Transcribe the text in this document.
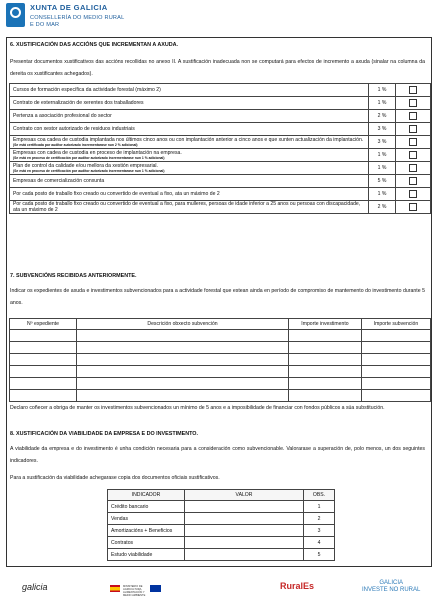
XUNTA DE GALICIA
CONSELLERÍA DO MEDIO RURAL
E DO MAR
6. XUSTIFICACIÓN DAS ACCIÓNS QUE INCREMENTAN A AXUDA.
Presentar documentos xustificativos das accións recollidas no anexo II. A xustificación inadecuada non se computará para efectos de incremento a axuda (sinalar na columna da dereita os xustificantes achegados).
Cursos de formación específica da actividade forestal (máximo 2)	1 %	

Contrato de externalización de xerentes dos traballadores	1 %	

Pertenza a asociación profesional do sector	2 %	

Contrato con xestor autorizado de residuos industriais	3 %	

Empresas coa cadea de custodia implantada nos últimos cinco anos ou con implantación anterior a cinco anos e que xunten actualización da implantación.
(Se está certificada por auditor autorizado incrementarase nun 2 % adicional)	3 %	

Empresas con cadea de custodia en proceso de implantación na empresa.
(Se está en proceso de certificación por auditor autorizado incrementarase nun 1 % adicional)	1 %	

Plan de control da calidade e/ou mellora da xestión empresarial.
(Se está en proceso de certificación por auditor autorizado incrementarase nun 1 % adicional)	1 %	

Empresas de comercialización conxunta	5 %	

Por cada posto de traballo fixo creado ou convertido de eventual a fixo, ata un máximo de 2	1 %	

Por cada posto de traballo fixo creado ou convertido de eventual a fixo, para mulleres, persoas de idade inferior a 25 anos ou persoas con discapacidade, ata un máximo de 2	2 %	
7. SUBVENCIÓNS RECIBIDAS ANTERIORMENTE.
Indicar os expedientes de axuda e investimentos subvencionados para a actividade forestal que estean ainda en período de compromiso de mantemento do investimento durante 5 anos.
Nº expediente	Descrición obxecto subvención	Importe investimento	Importe subvención

Declaro coñecer a obriga de manter os investimentos subvencionados un mínimo de 5 anos e a imposibilidade de financiar con fondos públicos a súa substitución.
8. XUSTIFICACIÓN DA VIABILIDADE DA EMPRESA E DO INVESTIMENTO.
A viabilidade da empresa e do investimento é unha condición necesaria para a consideración como subvencionable. Valorarase a superación de, polo menos, un dos seguintes indicadores.
Para a xustificación da viabilidade achegarase copia dos documentos oficiais xustificativos.
INDICADOR	VALOR	OBS.
Crédito bancario		1
Vendas		2
Amortizacións + Beneficios		3
Contratos		4
Estudo viabilidade		5
galicia	MINISTERIO DE AGRICULTURA, ALIMENTACIÓN Y MEDIO AMBIENTE
RuralEs	GALICIA
INVESTE NO RURAL
